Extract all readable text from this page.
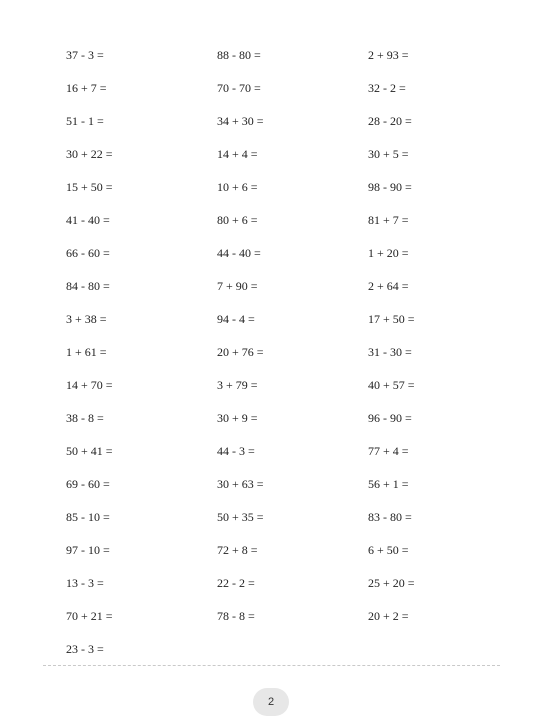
37 - 3 =	88 - 80 =	2 + 93 =
16 + 7 =	70 - 70 =	32 - 2 =
51 - 1 =	34 + 30 =	28 - 20 =
30 + 22 =	14 + 4 =	30 + 5 =
15 + 50 =	10 + 6 =	98 - 90 =
41 - 40 =	80 + 6 =	81 + 7 =
66 - 60 =	44 - 40 =	1 + 20 =
84 - 80 =	7 + 90 =	2 + 64 =
3 + 38 =	94 - 4 =	17 + 50 =
1 + 61 =	20 + 76 =	31 - 30 =
14 + 70 =	3 + 79 =	40 + 57 =
38 - 8 =	30 + 9 =	96 - 90 =
50 + 41 =	44 - 3 =	77 + 4 =
69 - 60 =	30 + 63 =	56 + 1 =
85 - 10 =	50 + 35 =	83 - 80 =
97 - 10 =	72 + 8 =	6 + 50 =
13 - 3 =	22 - 2 =	25 + 20 =
70 + 21 =	78 - 8 =	20 + 2 =
23 - 3 =
2
